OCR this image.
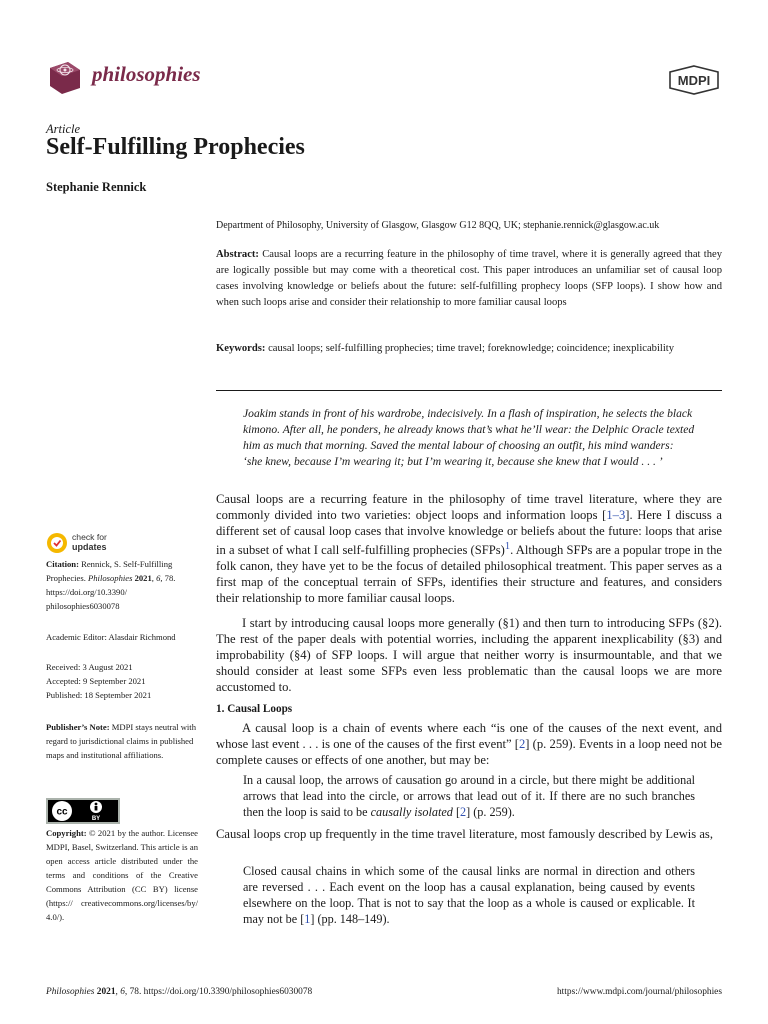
philosophies	MDPI
Article
Self-Fulfilling Prophecies
Stephanie Rennick
Department of Philosophy, University of Glasgow, Glasgow G12 8QQ, UK; stephanie.rennick@glasgow.ac.uk
Abstract: Causal loops are a recurring feature in the philosophy of time travel, where it is generally agreed that they are logically possible but may come with a theoretical cost. This paper introduces an unfamiliar set of causal loop cases involving knowledge or beliefs about the future: self-fulfilling prophecy loops (SFP loops). I show how and when such loops arise and consider their relationship to more familiar causal loops
Keywords: causal loops; self-fulfilling prophecies; time travel; foreknowledge; coincidence; inexplicability
Joakim stands in front of his wardrobe, indecisively. In a flash of inspiration, he selects the black kimono. After all, he ponders, he already knows that’s what he’ll wear: the Delphic Oracle texted him as much that morning. Saved the mental labour of choosing an outfit, his mind wanders: ‘she knew, because I’m wearing it; but I’m wearing it, because she knew that I would . . . ’
Causal loops are a recurring feature in the philosophy of time travel literature, where they are commonly divided into two varieties: object loops and information loops [1–3]. Here I discuss a different set of causal loop cases that involve knowledge or beliefs about the future: loops that arise in a subset of what I call self-fulfilling prophecies (SFPs)$^1$. Although SFPs are a popular trope in the folk canon, they have yet to be the focus of detailed philosophical treatment. This paper serves as a first map of the conceptual terrain of SFPs, identifies their structure and features, and considers their relationship to more familiar causal loops.
I start by introducing causal loops more generally (§1) and then turn to introducing SFPs (§2). The rest of the paper deals with potential worries, including the apparent inexplicability (§3) and improbability (§4) of SFP loops. I will argue that neither worry is insurmountable, and that we should consider at least some SFPs even less problematic than the causal loops we are more accustomed to.
1. Causal Loops
A causal loop is a chain of events where each “is one of the causes of the next event, and whose last event . . . is one of the causes of the first event” [2] (p. 259). Events in a loop need not be complete causes or effects of one another, but may be:
In a causal loop, the arrows of causation go around in a circle, but there might be additional arrows that lead into the circle, or arrows that lead out of it. If there are no such branches then the loop is said to be causally isolated [2] (p. 259).
Causal loops crop up frequently in the time travel literature, most famously described by Lewis as,
Closed causal chains in which some of the causal links are normal in direction and others are reversed . . . Each event on the loop has a causal explanation, being caused by events elsewhere on the loop. That is not to say that the loop as a whole is caused or explicable. It may not be [1] (pp. 148–149).
check for
updates
Citation: Rennick, S. Self-Fulfilling Prophecies. Philosophies 2021, 6, 78. https://doi.org/10.3390/ philosophies6030078
Academic Editor: Alasdair Richmond
Received: 3 August 2021
Accepted: 9 September 2021
Published: 18 September 2021
Publisher’s Note: MDPI stays neutral with regard to jurisdictional claims in published maps and institutional affiliations.
cc
BY
Copyright: © 2021 by the author. Licensee MDPI, Basel, Switzerland. This article is an open access article distributed under the terms and conditions of the Creative Commons Attribution (CC BY) license (https:// creativecommons.org/licenses/by/ 4.0/).
Philosophies 2021, 6, 78. https://doi.org/10.3390/philosophies6030078	https://www.mdpi.com/journal/philosophies
